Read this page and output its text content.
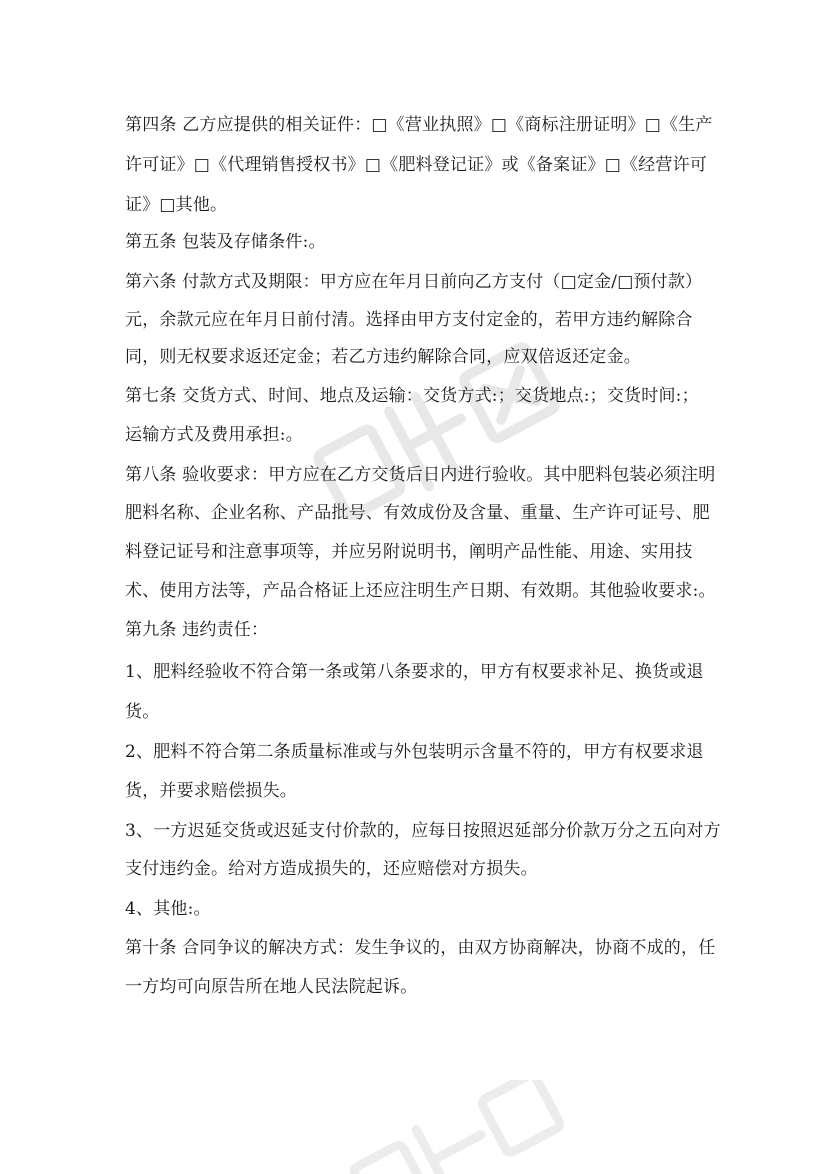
第四条 乙方应提供的相关证件：□《营业执照》□《商标注册证明》□《生产
许可证》□《代理销售授权书》□《肥料登记证》或《备案证》□《经营许可
证》□其他。
第五条 包装及存储条件:。
第六条 付款方式及期限：甲方应在年月日前向乙方支付（□定金/□预付款）
元，余款元应在年月日前付清。选择由甲方支付定金的，若甲方违约解除合
同，则无权要求返还定金；若乙方违约解除合同，应双倍返还定金。
第七条 交货方式、时间、地点及运输：交货方式:；交货地点:；交货时间:；
运输方式及费用承担:。
第八条 验收要求：甲方应在乙方交货后日内进行验收。其中肥料包装必须注明
肥料名称、企业名称、产品批号、有效成份及含量、重量、生产许可证号、肥
料登记证号和注意事项等，并应另附说明书，阐明产品性能、用途、实用技
术、使用方法等，产品合格证上还应注明生产日期、有效期。其他验收要求:。
第九条 违约责任：
1、肥料经验收不符合第一条或第八条要求的，甲方有权要求补足、换货或退
货。
2、肥料不符合第二条质量标准或与外包装明示含量不符的，甲方有权要求退
货，并要求赔偿损失。
3、一方迟延交货或迟延支付价款的，应每日按照迟延部分价款万分之五向对方
支付违约金。给对方造成损失的，还应赔偿对方损失。
4、其他:。
第十条 合同争议的解决方式：发生争议的，由双方协商解决，协商不成的，任
一方均可向原告所在地人民法院起诉。
